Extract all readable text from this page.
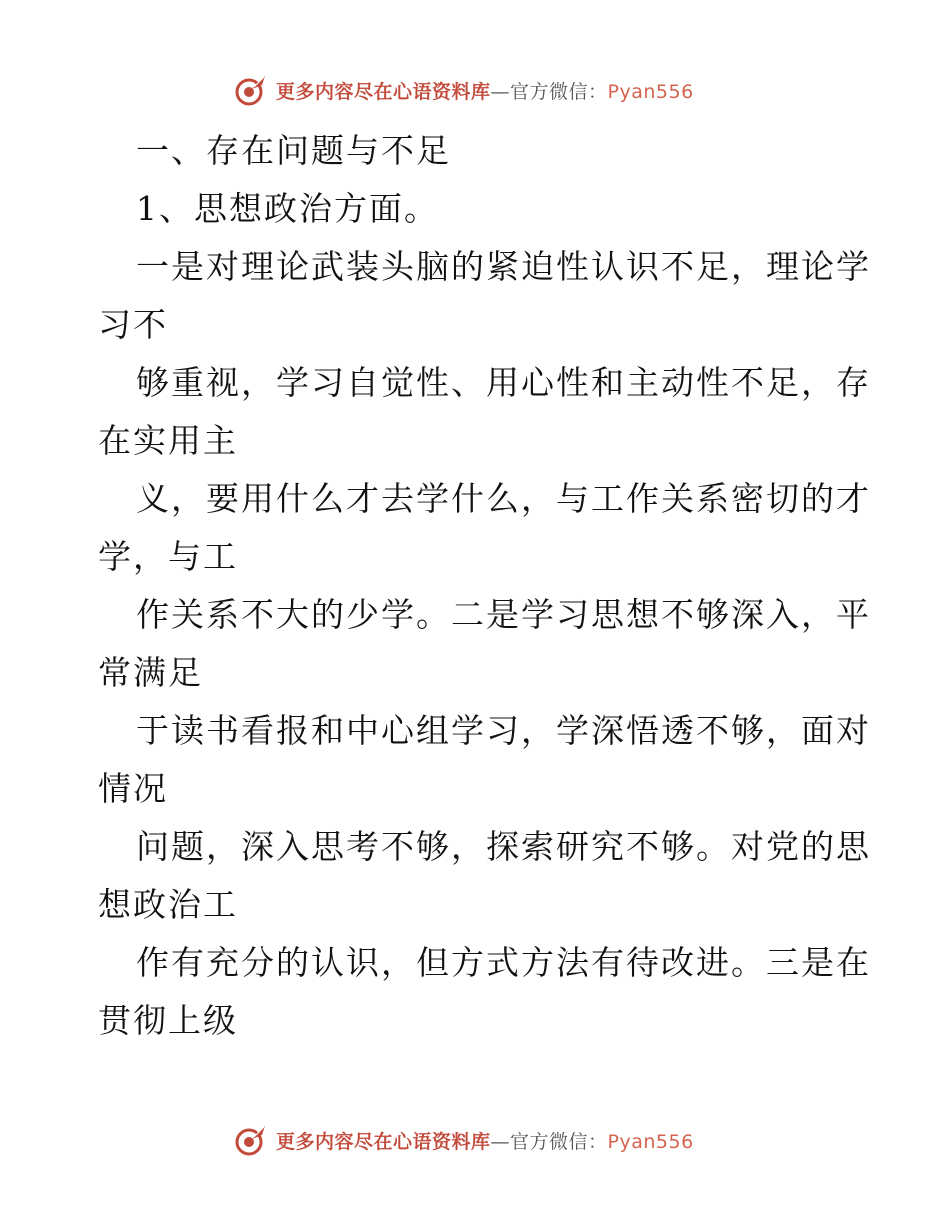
更多内容尽在心语资料库—官方微信：Pyan556
一、存在问题与不足
1、思想政治方面。
一是对理论武装头脑的紧迫性认识不足，理论学
习不
够重视，学习自觉性、用心性和主动性不足，存
在实用主
义，要用什么才去学什么，与工作关系密切的才
学，与工
作关系不大的少学。二是学习思想不够深入，平
常满足
于读书看报和中心组学习，学深悟透不够，面对
情况
问题，深入思考不够，探索研究不够。对党的思
想政治工
作有充分的认识，但方式方法有待改进。三是在
贯彻上级
更多内容尽在心语资料库—官方微信：Pyan556
